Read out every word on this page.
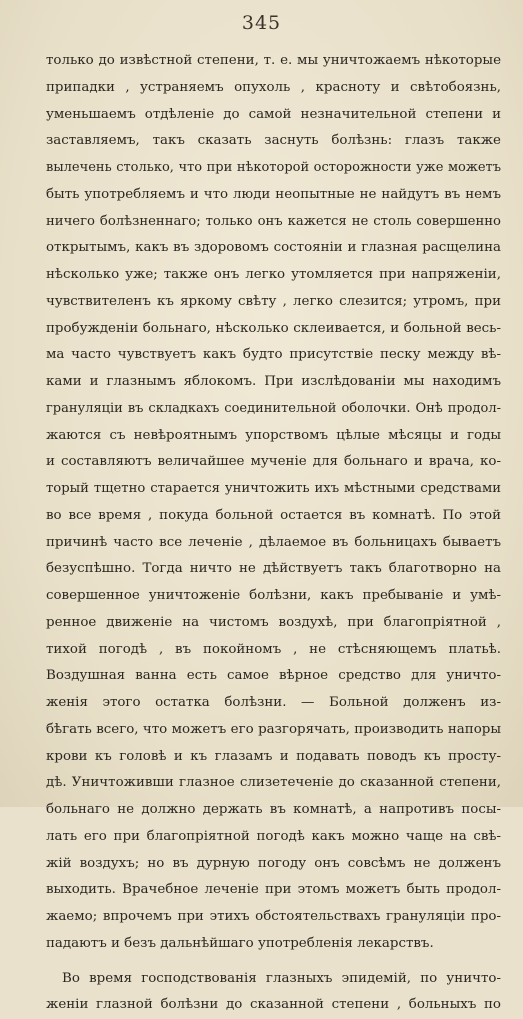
345
только до извѣстной степени, т. е. мы уничтожаемъ нѣкоторые
припадки , устраняемъ опухоль , красноту и свѣтобоязнь,
уменьшаемъ отдѣленіе до самой незначительной степени и
заставляемъ, такъ сказать заснуть болѣзнь: глазъ также
вылечень столько, что при нѣкоторой осторожности уже можетъ
быть употребляемъ и что люди неопытные не найдутъ въ немъ
ничего болѣзненнаго; только онъ кажется не столь совершенно
открытымъ, какъ въ здоровомъ состояніи и глазная расщелина
нѣсколько уже; также онъ легко утомляется при напряженіи,
чувствителенъ къ яркому свѣту , легко слезится; утромъ, при
пробужденіи больнаго, нѣсколько склеивается, и больной весь-
ма часто чувствуетъ какъ будто присутствіе песку между вѣ-
ками и глазнымъ яблокомъ. При изслѣдованіи мы находимъ
грануляціи въ складкахъ соединительной оболочки. Онѣ продол-
жаются съ невѣроятнымъ упорствомъ цѣлые мѣсяцы и годы
и составляютъ величайшее мученіе для больнаго и врача, ко-
торый тщетно старается уничтожить ихъ мѣстными средствами
во все время , покуда больной остается въ комнатѣ. По этой
причинѣ часто все леченіе , дѣлаемое въ больницахъ бываетъ
безуспѣшно. Тогда ничто не дѣйствуетъ такъ благотворно на
совершенное уничтоженіе болѣзни, какъ пребываніе и умѣ-
ренное движеніе на чистомъ воздухѣ, при благопріятной ,
тихой погодѣ , въ покойномъ , не стѣсняющемъ платьѣ.
Воздушная ванна есть самое вѣрное средство для уничто-
женія этого остатка болѣзни. — Больной долженъ из-
бѣгать всего, что можетъ его разгорячать, производить напоры
крови къ головѣ и къ глазамъ и подавать поводъ къ просту-
дѣ. Уничтоживши глазное слизетеченіе до сказанной степени,
больнаго не должно держать въ комнатѣ, а напротивъ посы-
лать его при благопріятной погодѣ какъ можно чаще на свѣ-
жій воздухъ; но въ дурную погоду онъ совсѣмъ не долженъ
выходить. Врачебное леченіе при этомъ можетъ быть продол-
жаемо; впрочемъ при этихъ обстоятельствахъ грануляціи про-
падаютъ и безъ дальнѣйшаго употребленія лекарствъ.
Во время господствованія глазныхъ эпидемій, по уничто-
женіи глазной болѣзни до сказанной степени , больныхъ по
